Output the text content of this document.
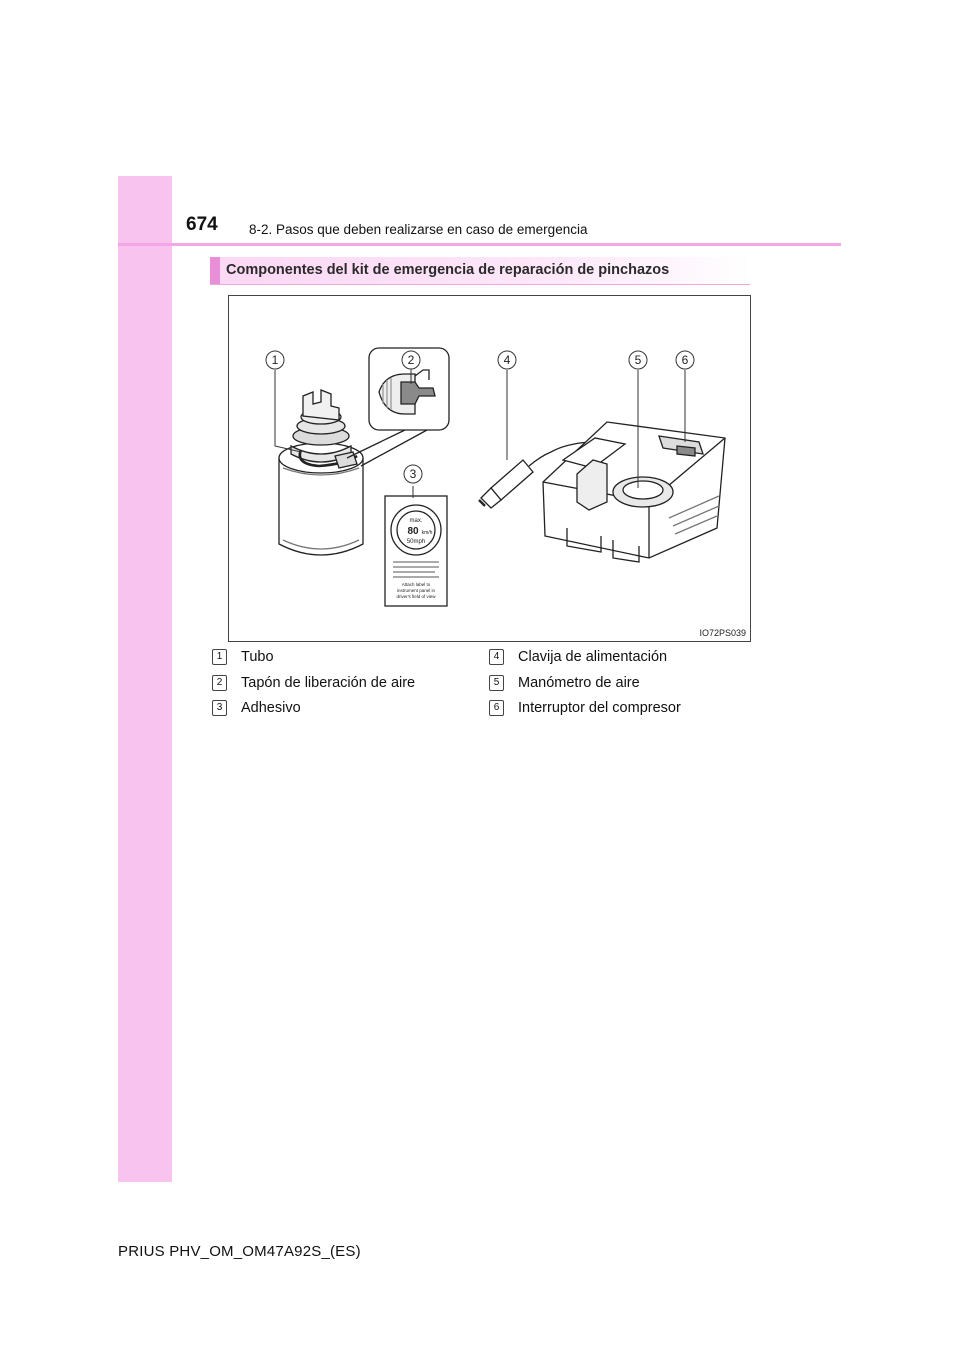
674 8-2. Pasos que deben realizarse en caso de emergencia
Componentes del kit de emergencia de reparación de pinchazos
max.
80 km/h
50mph
Attach label to
instrument panel in
driver's field of view
1	2
3
4	5	6
IO72PS039
1 Tubo
2 Tapón de liberación de aire
3 Adhesivo
4 Clavija de alimentación
5 Manómetro de aire
6 Interruptor del compresor
PRIUS PHV_OM_OM47A92S_(ES)
